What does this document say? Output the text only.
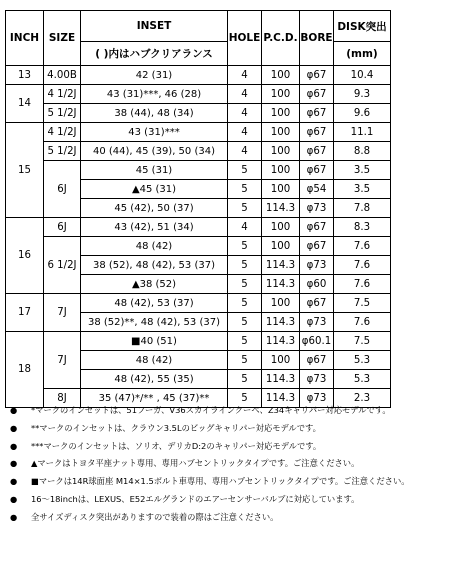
INCH	SIZE	INSET	HOLE	P.C.D.	BORE	DISK突出
		( )内はハブクリアランス				(mm)
13	4.00B	42 (31)	4	100	φ67	10.4
14	4 1/2J	43 (31)***, 46 (28)	4	100	φ67	9.3
	5 1/2J	38 (44), 48 (34)	4	100	φ67	9.6
15	4 1/2J	43 (31)***	4	100	φ67	11.1
	5 1/2J	40 (44), 45 (39), 50 (34)	4	100	φ67	8.8
	6J	45 (31)	5	100	φ67	3.5
		▲45 (31)	5	100	φ54	3.5
		45 (42), 50 (37)	5	114.3	φ73	7.8
16	6J	43 (42), 51 (34)	4	100	φ67	8.3
	6 1/2J	48 (42)	5	100	φ67	7.6
		38 (52), 48 (42), 53 (37)	5	114.3	φ73	7.6
		▲38 (52)	5	114.3	φ60	7.6
17	7J	48 (42), 53 (37)	5	100	φ67	7.5
		38 (52)**, 48 (42), 53 (37)	5	114.3	φ73	7.6
18	7J	■40 (51)	5	114.3	φ60.1	7.5
		48 (42)	5	100	φ67	5.3
		48 (42), 55 (35)	5	114.3	φ73	5.3
	8J	35 (47)*/** , 45 (37)**	5	114.3	φ73	2.3
● *マークのインセットは、51フーガ、V36スカイラインクーペ、Z34キャリパー対応モデルです。
● **マークのインセットは、クラウン3.5Lのビッグキャリパー対応モデルです。
● ***マークのインセットは、ソリオ、デリカD:2のキャリパー対応モデルです。
● ▲マークはトヨタ平座ナット専用、専用ハブセントリックタイプです。ご注意ください。
● ■マークは14R球面座 M14×1.5ボルト車専用、専用ハブセントリックタイプです。ご注意ください。
● 16～18inchは、LEXUS、E52エルグランドのエアーセンサーバルブに対応しています。
● 全サイズディスク突出がありますので装着の際はご注意ください。
